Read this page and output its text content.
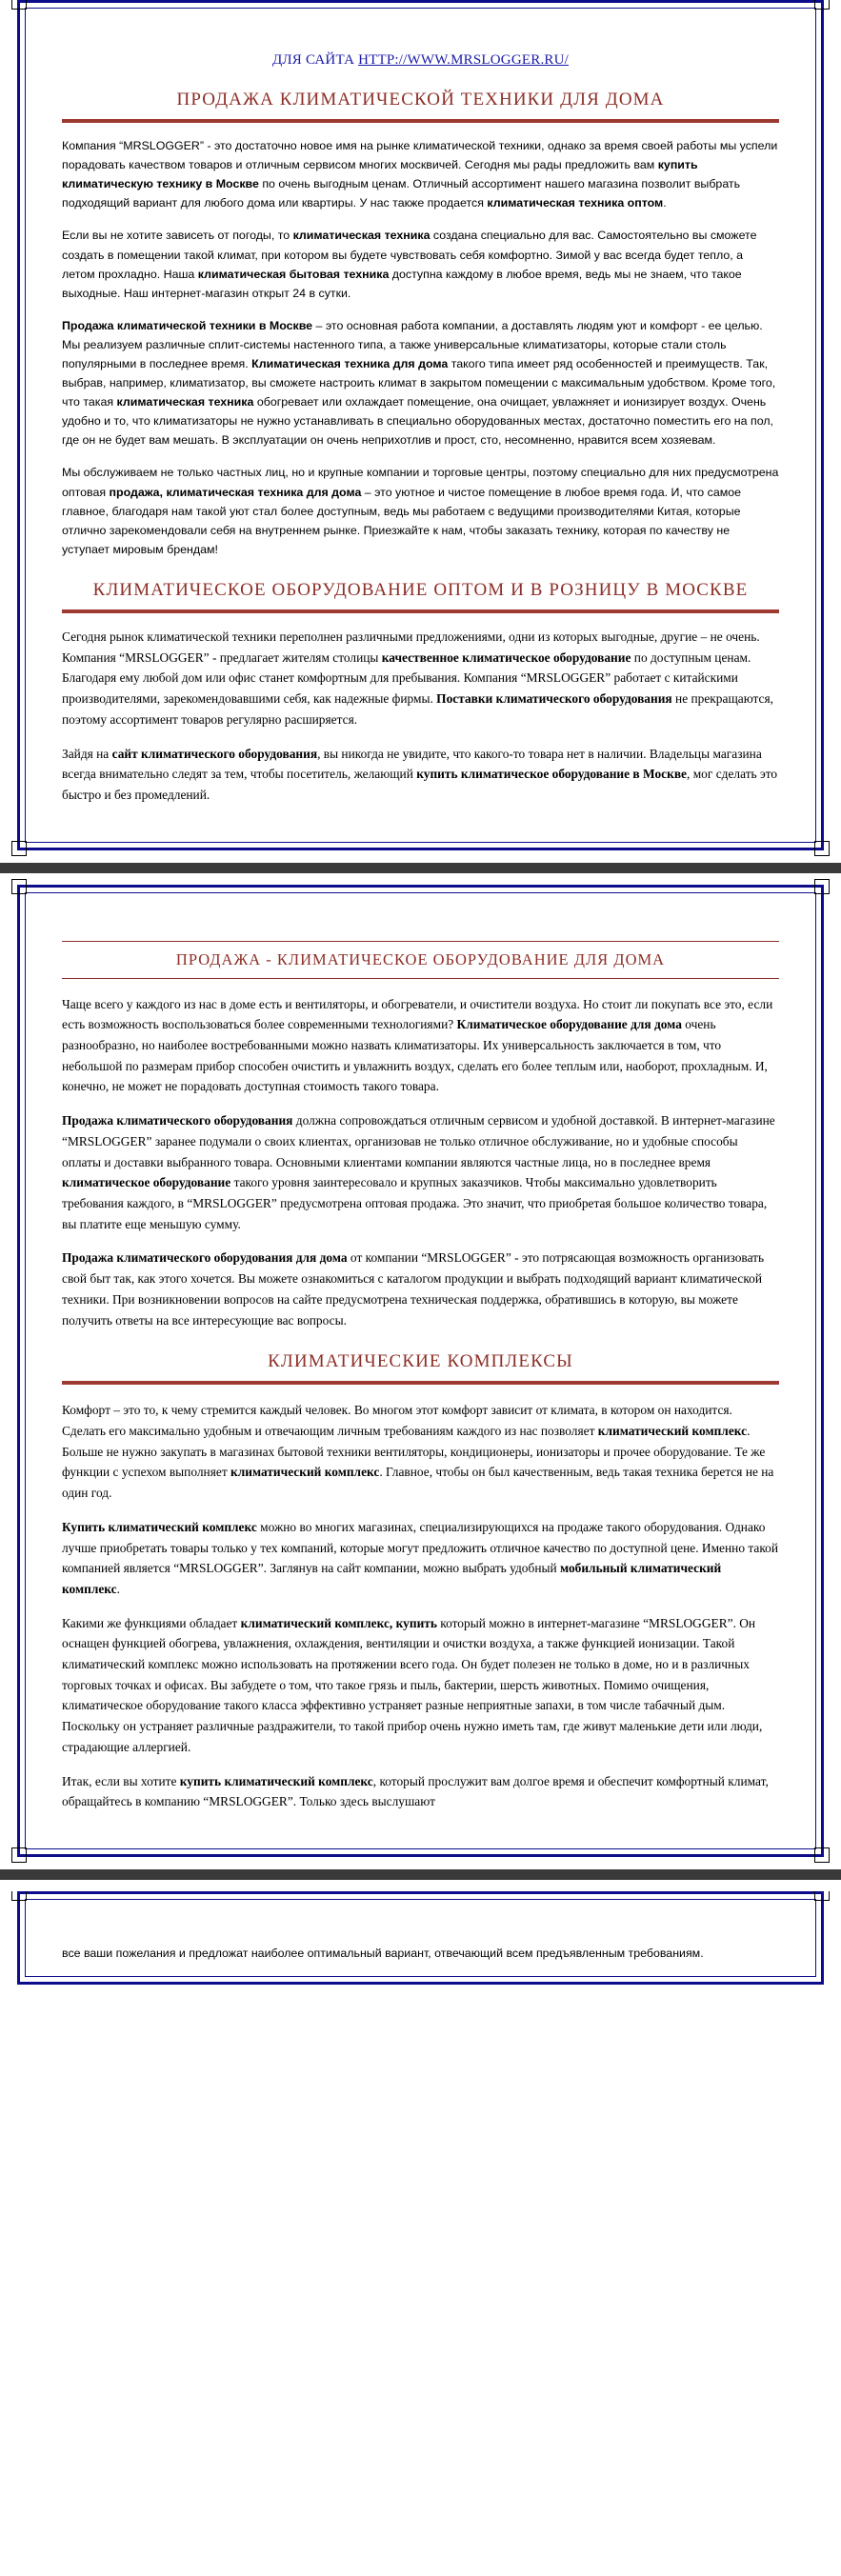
ДЛЯ САЙТА HTTP://WWW.MRSLOGGER.RU/
ПРОДАЖА КЛИМАТИЧЕСКОЙ ТЕХНИКИ ДЛЯ ДОМА

Компания “MRSLOGGER” - это достаточно новое имя на рынке климатической техники, однако за время своей работы мы успели порадовать качеством товаров и отличным сервисом многих москвичей. Сегодня мы рады предложить вам купить климатическую технику в Москве по очень выгодным ценам. Отличный ассортимент нашего магазина позволит выбрать подходящий вариант для любого дома или квартиры. У нас также продается климатическая техника оптом.

Если вы не хотите зависеть от погоды, то климатическая техника создана специально для вас. Самостоятельно вы сможете создать в помещении такой климат, при котором вы будете чувствовать себя комфортно. Зимой у вас всегда будет тепло, а летом прохладно. Наша климатическая бытовая техника доступна каждому в любое время, ведь мы не знаем, что такое выходные. Наш интернет-магазин открыт 24 в сутки.

Продажа климатической техники в Москве – это основная работа компании, а доставлять людям уют и комфорт - ее целью. Мы реализуем различные сплит-системы настенного типа, а также универсальные климатизаторы, которые стали столь популярными в последнее время. Климатическая техника для дома такого типа имеет ряд особенностей и преимуществ. Так, выбрав, например, климатизатор, вы сможете настроить климат в закрытом помещении с максимальным удобством. Кроме того, что такая климатическая техника обогревает или охлаждает помещение, она очищает, увлажняет и ионизирует воздух. Очень удобно и то, что климатизаторы не нужно устанавливать в специально оборудованных местах, достаточно поместить его на пол, где он не будет вам мешать. В эксплуатации он очень неприхотлив и прост, сто, несомненно, нравится всем хозяевам.

Мы обслуживаем не только частных лиц, но и крупные компании и торговые центры, поэтому специально для них предусмотрена оптовая продажа, климатическая техника для дома – это уютное и чистое помещение в любое время года. И, что самое главное, благодаря нам такой уют стал более доступным, ведь мы работаем с ведущими производителями Китая, которые отлично зарекомендовали себя на внутреннем рынке. Приезжайте к нам, чтобы заказать технику, которая по качеству не уступает мировым брендам!

КЛИМАТИЧЕСКОЕ ОБОРУДОВАНИЕ ОПТОМ И В РОЗНИЦУ В МОСКВЕ

Сегодня рынок климатической техники переполнен различными предложениями, одни из которых выгодные, другие – не очень. Компания “MRSLOGGER” - предлагает жителям столицы качественное климатическое оборудование по доступным ценам. Благодаря ему любой дом или офис станет комфортным для пребывания. Компания “MRSLOGGER” работает с китайскими производителями, зарекомендовавшими себя, как надежные фирмы. Поставки климатического оборудования не прекращаются, поэтому ассортимент товаров регулярно расширяется.

Зайдя на сайт климатического оборудования, вы никогда не увидите, что какого-то товара нет в наличии. Владельцы магазина всегда внимательно следят за тем, чтобы посетитель, желающий купить климатическое оборудование в Москве, мог сделать это быстро и без промедлений.

ПРОДАЖА - КЛИМАТИЧЕСКОЕ ОБОРУДОВАНИЕ ДЛЯ ДОМА

Чаще всего у каждого из нас в доме есть и вентиляторы, и обогреватели, и очистители воздуха. Но стоит ли покупать все это, если есть возможность воспользоваться более современными технологиями? Климатическое оборудование для дома очень разнообразно, но наиболее востребованными можно назвать климатизаторы. Их универсальность заключается в том, что небольшой по размерам прибор способен очистить и увлажнить воздух, сделать его более теплым или, наоборот, прохладным. И, конечно, не может не порадовать доступная стоимость такого товара.

Продажа климатического оборудования должна сопровождаться отличным сервисом и удобной доставкой. В интернет-магазине “MRSLOGGER” заранее подумали о своих клиентах, организовав не только отличное обслуживание, но и удобные способы оплаты и доставки выбранного товара. Основными клиентами компании являются частные лица, но в последнее время климатическое оборудование такого уровня заинтересовало и крупных заказчиков. Чтобы максимально удовлетворить требования каждого, в “MRSLOGGER” предусмотрена оптовая продажа. Это значит, что приобретая большое количество товара, вы платите еще меньшую сумму.

Продажа климатического оборудования для дома от компании “MRSLOGGER” - это потрясающая возможность организовать свой быт так, как этого хочется. Вы можете ознакомиться с каталогом продукции и выбрать подходящий вариант климатической техники. При возникновении вопросов на сайте предусмотрена техническая поддержка, обратившись в которую, вы можете получить ответы на все интересующие вас вопросы.

КЛИМАТИЧЕСКИЕ КОМПЛЕКСЫ

Комфорт – это то, к чему стремится каждый человек. Во многом этот комфорт зависит от климата, в котором он находится. Сделать его максимально удобным и отвечающим личным требованиям каждого из нас позволяет климатический комплекс. Больше не нужно закупать в магазинах бытовой техники вентиляторы, кондиционеры, ионизаторы и прочее оборудование. Те же функции с успехом выполняет климатический комплекс. Главное, чтобы он был качественным, ведь такая техника берется не на один год.

Купить климатический комплекс можно во многих магазинах, специализирующихся на продаже такого оборудования. Однако лучше приобретать товары только у тех компаний, которые могут предложить отличное качество по доступной цене. Именно такой компанией является “MRSLOGGER”. Заглянув на сайт компании, можно выбрать удобный мобильный климатический комплекс.

Какими же функциями обладает климатический комплекс, купить который можно в интернет-магазине “MRSLOGGER”. Он оснащен функцией обогрева, увлажнения, охлаждения, вентиляции и очистки воздуха, а также функцией ионизации. Такой климатический комплекс можно использовать на протяжении всего года. Он будет полезен не только в доме, но и в различных торговых точках и офисах. Вы забудете о том, что такое грязь и пыль, бактерии, шерсть животных. Помимо очищения, климатическое оборудование такого класса эффективно устраняет разные неприятные запахи, в том числе табачный дым. Поскольку он устраняет различные раздражители, то такой прибор очень нужно иметь там, где живут маленькие дети или люди, страдающие аллергией.

Итак, если вы хотите купить климатический комплекс, который прослужит вам долгое время и обеспечит комфортный климат, обращайтесь в компанию “MRSLOGGER”. Только здесь выслушают

все ваши пожелания и предложат наиболее оптимальный вариант, отвечающий всем предъявленным требованиям.
